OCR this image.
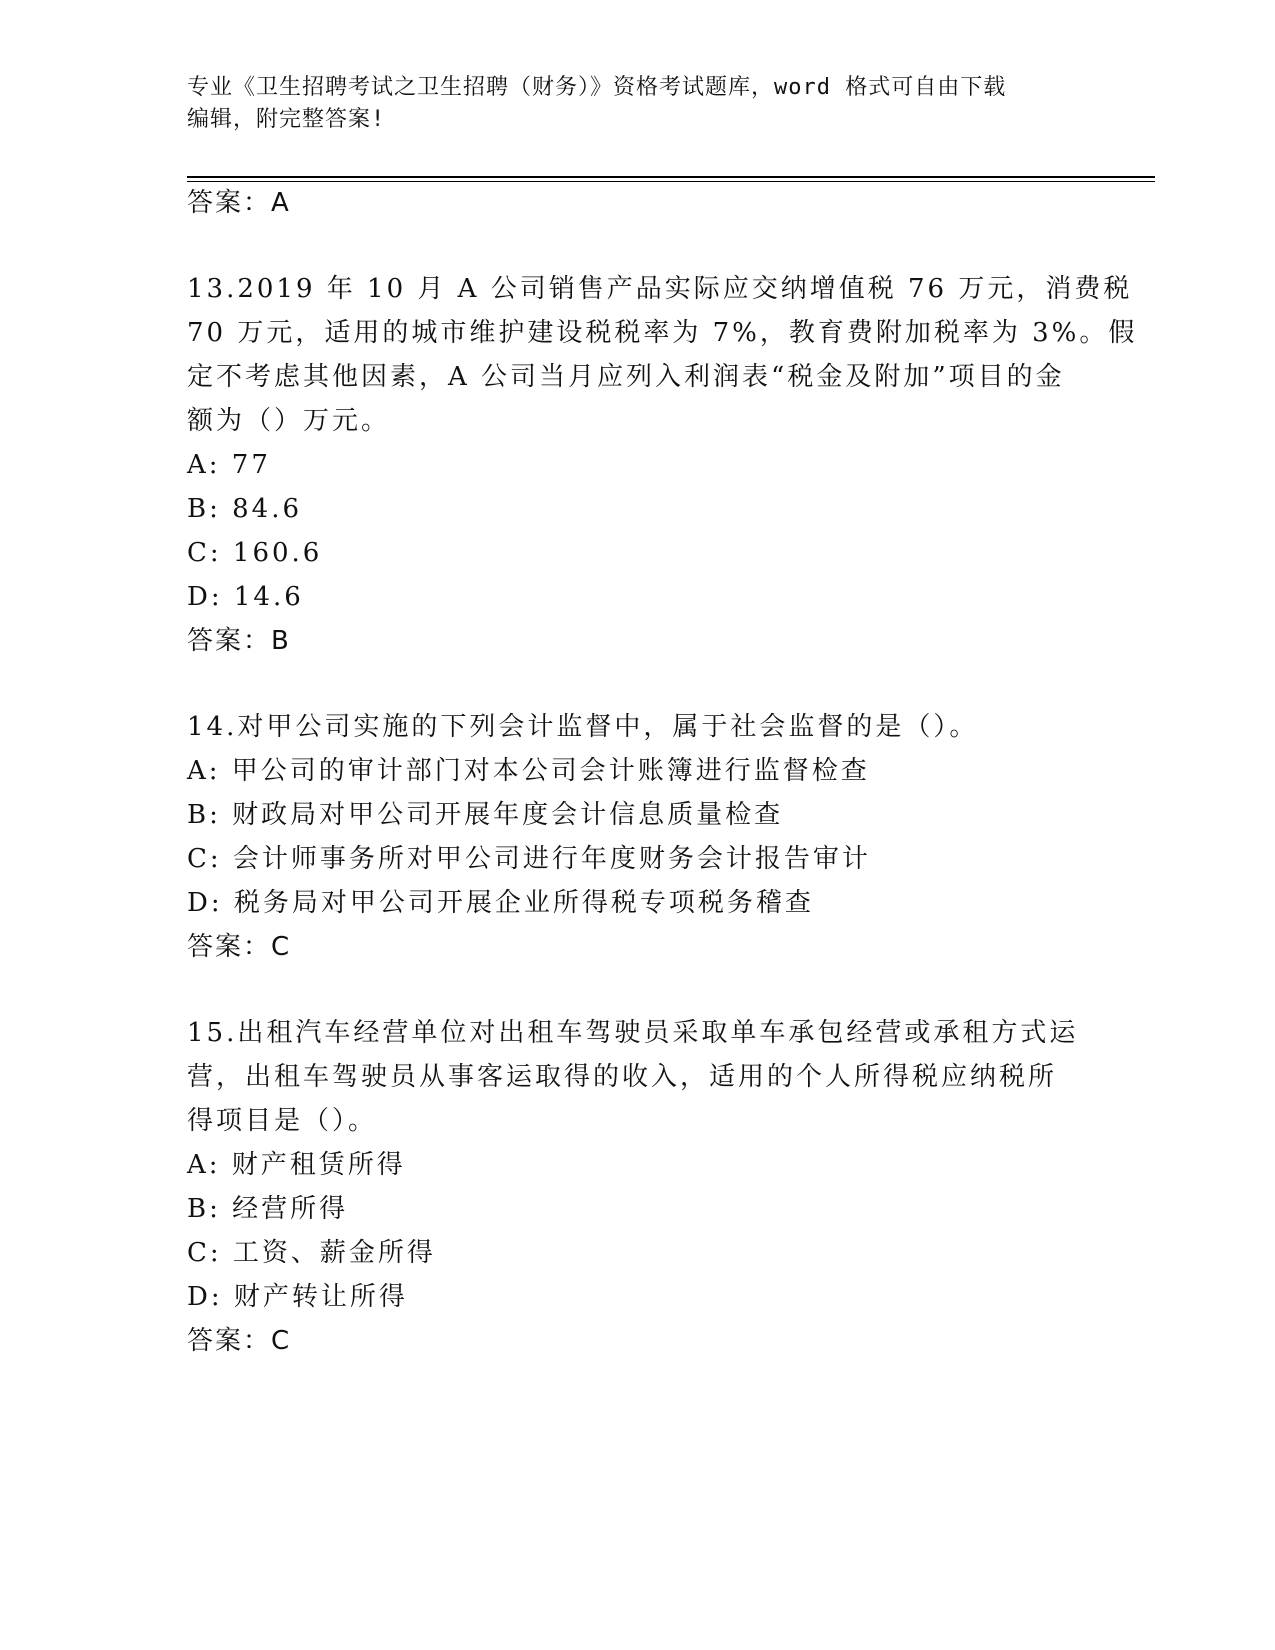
专业《卫生招聘考试之卫生招聘（财务）》资格考试题库，word 格式可自由下载
编辑，附完整答案!
答案：A
13.2019 年 10 月 A 公司销售产品实际应交纳增值税 76 万元，消费税
70 万元，适用的城市维护建设税税率为 7%，教育费附加税率为 3%。假
定不考虑其他因素，A 公司当月应列入利润表“税金及附加”项目的金
额为（）万元。
A: 77
B: 84.6
C: 160.6
D: 14.6
答案：B
14.对甲公司实施的下列会计监督中，属于社会监督的是（）。
A: 甲公司的审计部门对本公司会计账簿进行监督检查
B: 财政局对甲公司开展年度会计信息质量检查
C: 会计师事务所对甲公司进行年度财务会计报告审计
D: 税务局对甲公司开展企业所得税专项税务稽查
答案：C
15.出租汽车经营单位对出租车驾驶员采取单车承包经营或承租方式运
营，出租车驾驶员从事客运取得的收入，适用的个人所得税应纳税所
得项目是（）。
A: 财产租赁所得
B: 经营所得
C: 工资、薪金所得
D: 财产转让所得
答案：C
